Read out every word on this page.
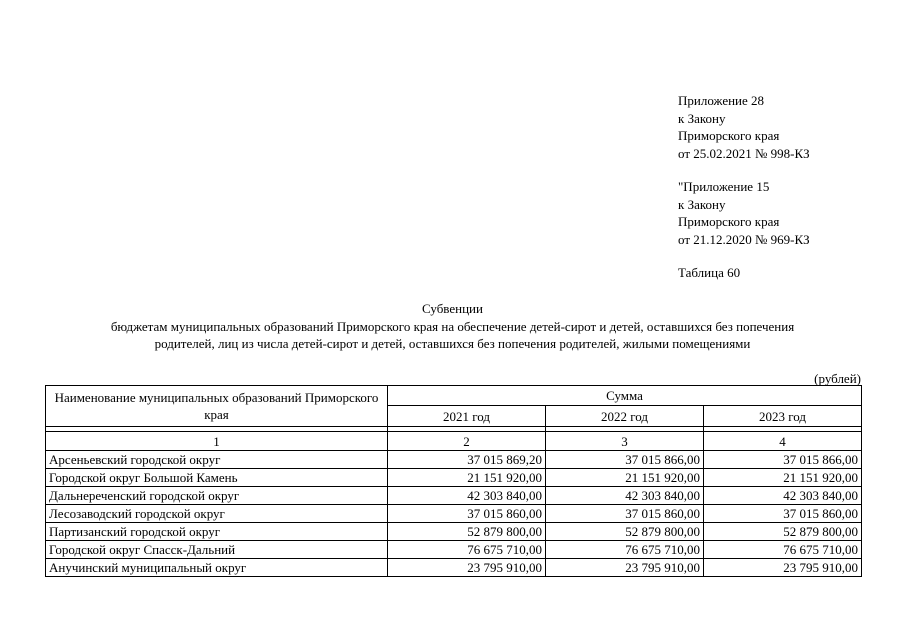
Приложение 28
к Закону
Приморского края
от 25.02.2021 № 998-КЗ
"Приложение 15
к Закону
Приморского края
от 21.12.2020 № 969-КЗ
Таблица 60
Субвенции
бюджетам муниципальных образований Приморского края на обеспечение детей-сирот и детей, оставшихся без попечения
родителей, лиц из числа детей-сирот и детей, оставшихся без попечения родителей, жилыми помещениями
(рублей)
Наименование муниципальных образований Приморского края	Сумма		
	2021 год	2022 год	2023 год

1	2	3	4
Арсеньевский городской округ	37 015 869,20	37 015 866,00	37 015 866,00
Городской округ Большой Камень	21 151 920,00	21 151 920,00	21 151 920,00
Дальнереченский городской округ	42 303 840,00	42 303 840,00	42 303 840,00
Лесозаводский городской округ	37 015 860,00	37 015 860,00	37 015 860,00
Партизанский городской округ	52 879 800,00	52 879 800,00	52 879 800,00
Городской округ Спасск-Дальний	76 675 710,00	76 675 710,00	76 675 710,00
Анучинский муниципальный округ	23 795 910,00	23 795 910,00	23 795 910,00
